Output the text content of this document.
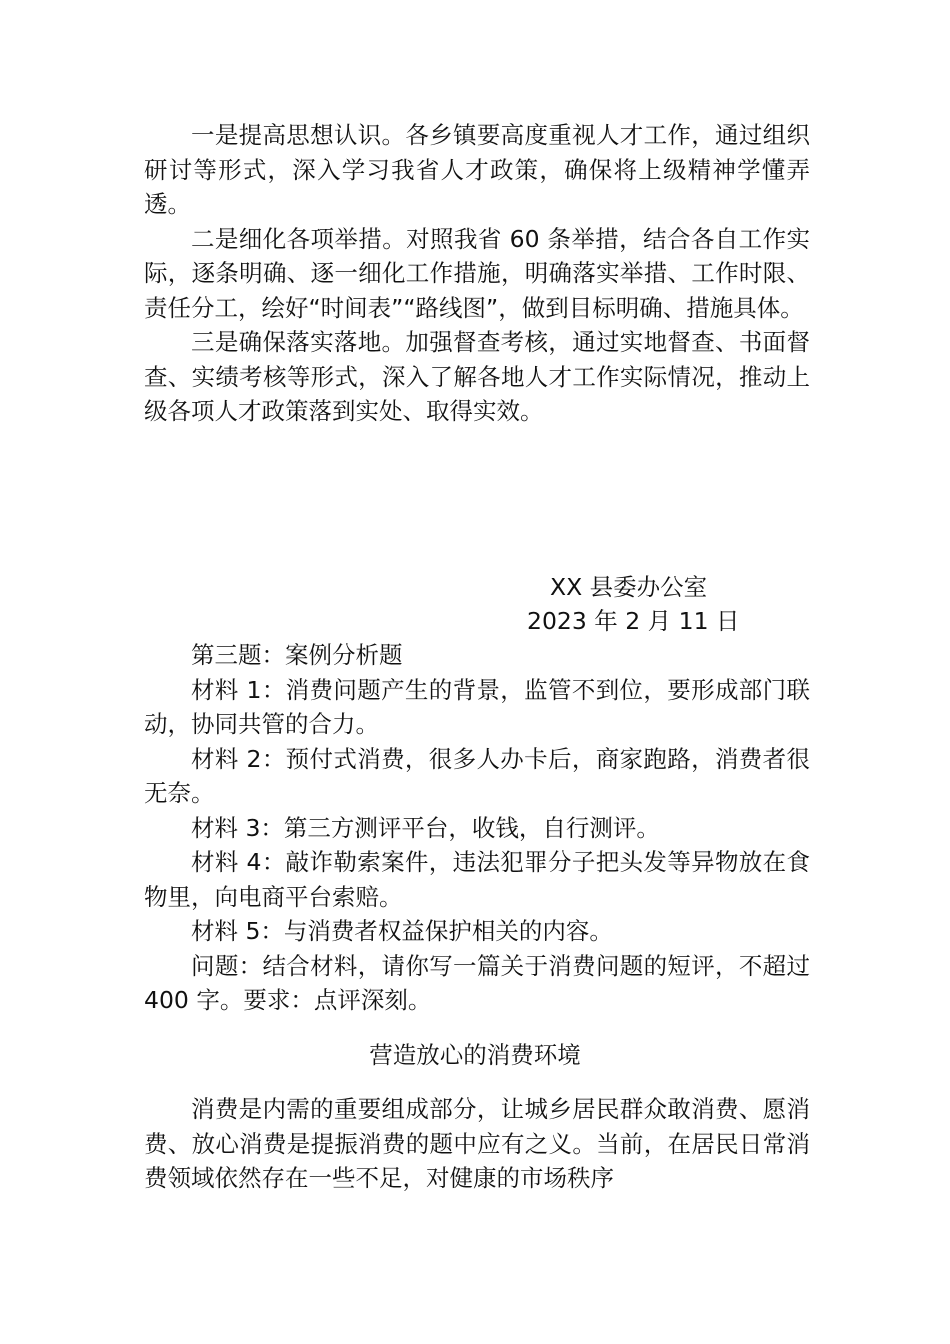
一是提高思想认识。各乡镇要高度重视人才工作，通过组织研讨等形式，深入学习我省人才政策，确保将上级精神学懂弄透。

二是细化各项举措。对照我省 60 条举措，结合各自工作实际，逐条明确、逐一细化工作措施，明确落实举措、工作时限、责任分工，绘好“时间表”“路线图”，做到目标明确、措施具体。

三是确保落实落地。加强督查考核，通过实地督查、书面督查、实绩考核等形式，深入了解各地人才工作实际情况，推动上级各项人才政策落到实处、取得实效。

XX 县委办公室
2023 年 2 月 11 日

第三题：案例分析题

材料 1：消费问题产生的背景，监管不到位，要形成部门联动，协同共管的合力。

材料 2：预付式消费，很多人办卡后，商家跑路，消费者很无奈。

材料 3：第三方测评平台，收钱，自行测评。

材料 4：敲诈勒索案件，违法犯罪分子把头发等异物放在食物里，向电商平台索赔。

材料 5：与消费者权益保护相关的内容。

问题：结合材料，请你写一篇关于消费问题的短评，不超过 400 字。要求：点评深刻。

营造放心的消费环境

消费是内需的重要组成部分，让城乡居民群众敢消费、愿消费、放心消费是提振消费的题中应有之义。当前，在居民日常消费领域依然存在一些不足，对健康的市场秩序
